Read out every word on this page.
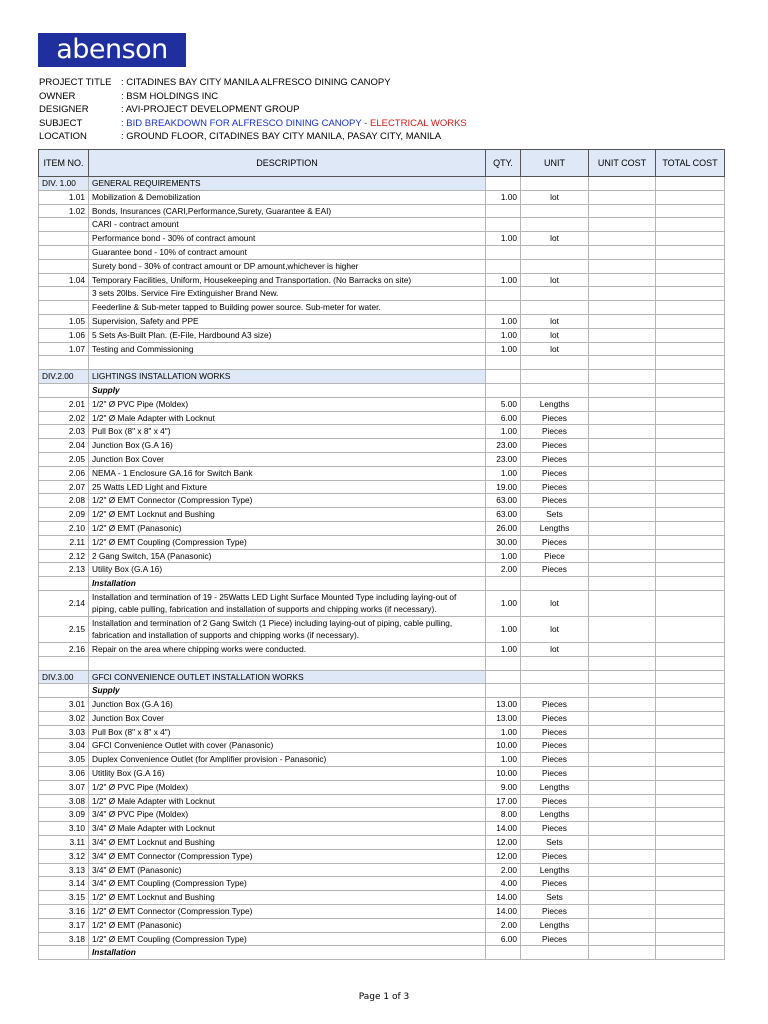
abenson
PROJECT TITLE	: CITADINES BAY CITY MANILA ALFRESCO DINING CANOPY
OWNER	: BSM HOLDINGS INC
DESIGNER	: AVI-PROJECT DEVELOPMENT GROUP
SUBJECT	: BID BREAKDOWN FOR ALFRESCO DINING CANOPY - ELECTRICAL WORKS
LOCATION	: GROUND FLOOR, CITADINES BAY CITY MANILA, PASAY CITY, MANILA
ITEM NO.	DESCRIPTION	QTY.	UNIT	UNIT COST	TOTAL COST
DIV. 1.00	GENERAL REQUIREMENTS				
1.01	Mobilization & Demobilization	1.00	lot		
1.02	Bonds, Insurances (CARI,Performance,Surety, Guarantee & EAI)				
	CARI - contract amount				
	Performance bond - 30% of contract amount	1.00	lot		
	Guarantee bond - 10% of contract amount				
	Surety bond - 30% of contract amount or DP amount,whichever is higher				
1.04	Temporary Facilities, Uniform, Housekeeping and Transportation. (No Barracks on site)	1.00	lot		
	3 sets 20lbs. Service Fire Extinguisher Brand New.				
	Feederline & Sub-meter tapped to Building power source. Sub-meter for water.				
1.05	Supervision, Safety and PPE	1.00	lot		
1.06	5 Sets As-Built Plan. (E-File, Hardbound A3 size)	1.00	lot		
1.07	Testing and Commissioning	1.00	lot		

DIV.2.00	LIGHTINGS INSTALLATION WORKS				
	Supply				
2.01	1/2" Ø PVC Pipe (Moldex)	5.00	Lengths		
2.02	1/2" Ø Male Adapter with Locknut	6.00	Pieces		
2.03	Pull Box (8" x 8" x 4")	1.00	Pieces		
2.04	Junction Box (G.A 16)	23.00	Pieces		
2.05	Junction Box Cover	23.00	Pieces		
2.06	NEMA - 1 Enclosure GA.16 for Switch Bank	1.00	Pieces		
2.07	25 Watts LED Light and Fixture	19.00	Pieces		
2.08	1/2" Ø EMT Connector (Compression Type)	63.00	Pieces		
2.09	1/2" Ø EMT Locknut and Bushing	63.00	Sets		
2.10	1/2" Ø EMT (Panasonic)	26.00	Lengths		
2.11	1/2" Ø EMT Coupling (Compression Type)	30.00	Pieces		
2.12	2 Gang Switch, 15A (Panasonic)	1.00	Piece		
2.13	Utility Box (G.A 16)	2.00	Pieces		
	Installation				
2.14	Installation and termination of 19 - 25Watts LED Light Surface Mounted Type including laying-out of piping, cable pulling, fabrication and installation of supports and chipping works (if necessary).	1.00	lot		
2.15	Installation and termination of 2 Gang Switch (1 Piece) including laying-out of piping, cable pulling, fabrication and installation of supports and chipping works (if necessary).	1.00	lot		
2.16	Repair on the area where chipping works were conducted.	1.00	lot		

DIV.3.00	GFCI CONVENIENCE OUTLET INSTALLATION WORKS				
	Supply				
3.01	Junction Box (G.A 16)	13.00	Pieces		
3.02	Junction Box Cover	13.00	Pieces		
3.03	Pull Box (8" x 8" x 4")	1.00	Pieces		
3.04	GFCI Convenience Outlet with cover (Panasonic)	10.00	Pieces		
3.05	Duplex Convenience Outlet (for Amplifier provision - Panasonic)	1.00	Pieces		
3.06	Utitlity Box (G.A 16)	10.00	Pieces		
3.07	1/2" Ø PVC Pipe (Moldex)	9.00	Lengths		
3.08	1/2" Ø Male Adapter with Locknut	17.00	Pieces		
3.09	3/4" Ø PVC Pipe (Moldex)	8.00	Lengths		
3.10	3/4" Ø Male Adapter with Locknut	14.00	Pieces		
3.11	3/4" Ø EMT Locknut and Bushing	12.00	Sets		
3.12	3/4" Ø EMT Connector (Compression Type)	12.00	Pieces		
3.13	3/4" Ø EMT (Panasonic)	2.00	Lengths		
3.14	3/4" Ø EMT Coupling (Compression Type)	4.00	Pieces		
3.15	1/2" Ø EMT Locknut and Bushing	14.00	Sets		
3.16	1/2" Ø EMT Connector (Compression Type)	14.00	Pieces		
3.17	1/2" Ø EMT (Panasonic)	2.00	Lengths		
3.18	1/2" Ø EMT Coupling (Compression Type)	6.00	Pieces		
	Installation				
Page 1 of 3
